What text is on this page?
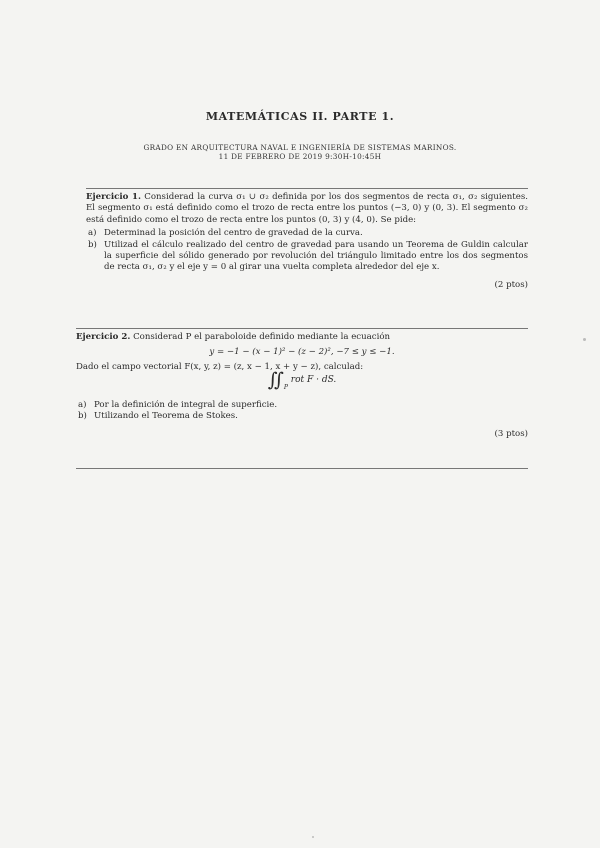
MATEMÁTICAS II. PARTE 1.
GRADO EN ARQUITECTURA NAVAL E INGENIERÍA DE SISTEMAS MARINOS.
11 DE FEBRERO DE 2019 9:30H-10:45H

Ejercicio 1. Considerad la curva σ₁ ∪ σ₂ definida por los dos segmentos de recta σ₁, σ₂ siguientes. El segmento σ₁ está definido como el trozo de recta entre los puntos (−3, 0) y (0, 3). El segmento σ₂ está definido como el trozo de recta entre los puntos (0, 3) y (4, 0). Se pide:

a) Determinad la posición del centro de gravedad de la curva.
b) Utilizad el cálculo realizado del centro de gravedad para usando un Teorema de Guldin calcular la superficie del sólido generado por revolución del triángulo limitado entre los dos segmentos de recta σ₁, σ₂ y el eje y = 0 al girar una vuelta completa alrededor del eje x.
(2 ptos)

Ejercicio 2. Considerad P el paraboloide definido mediante la ecuación

y = −1 − (x − 1)² − (z − 2)², −7 ≤ y ≤ −1.

Dado el campo vectorial F(x, y, z) = (z, x − 1, x + y − z), calculad:

$∬_P$ rot F · dS.
a) Por la definición de integral de superficie.
b) Utilizando el Teorema de Stokes.
(3 ptos)
